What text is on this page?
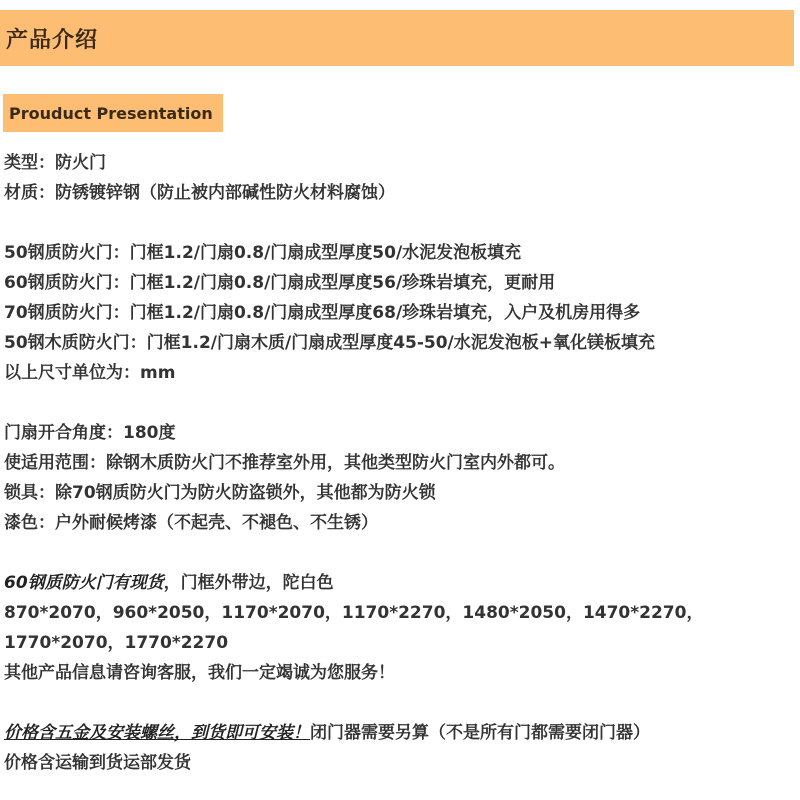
产品介绍
Prouduct Presentation
类型：防火门
材质：防锈镀锌钢（防止被内部碱性防火材料腐蚀）
50钢质防火门：门框1.2/门扇0.8/门扇成型厚度50/水泥发泡板填充
60钢质防火门：门框1.2/门扇0.8/门扇成型厚度56/珍珠岩填充，更耐用
70钢质防火门：门框1.2/门扇0.8/门扇成型厚度68/珍珠岩填充，入户及机房用得多
50钢木质防火门：门框1.2/门扇木质/门扇成型厚度45-50/水泥发泡板+氧化镁板填充
以上尺寸单位为：mm
门扇开合角度：180度
使适用范围：除钢木质防火门不推荐室外用，其他类型防火门室内外都可。
锁具：除70钢质防火门为防火防盗锁外，其他都为防火锁
漆色：户外耐候烤漆（不起壳、不褪色、不生锈）
60钢质防火门有现货，门框外带边，陀白色
870*2070，960*2050，1170*2070，1170*2270，1480*2050，1470*2270，
1770*2070，1770*2270
其他产品信息请咨询客服，我们一定竭诚为您服务！
价格含五金及安装螺丝，到货即可安装！闭门器需要另算（不是所有门都需要闭门器）
价格含运输到货运部发货
